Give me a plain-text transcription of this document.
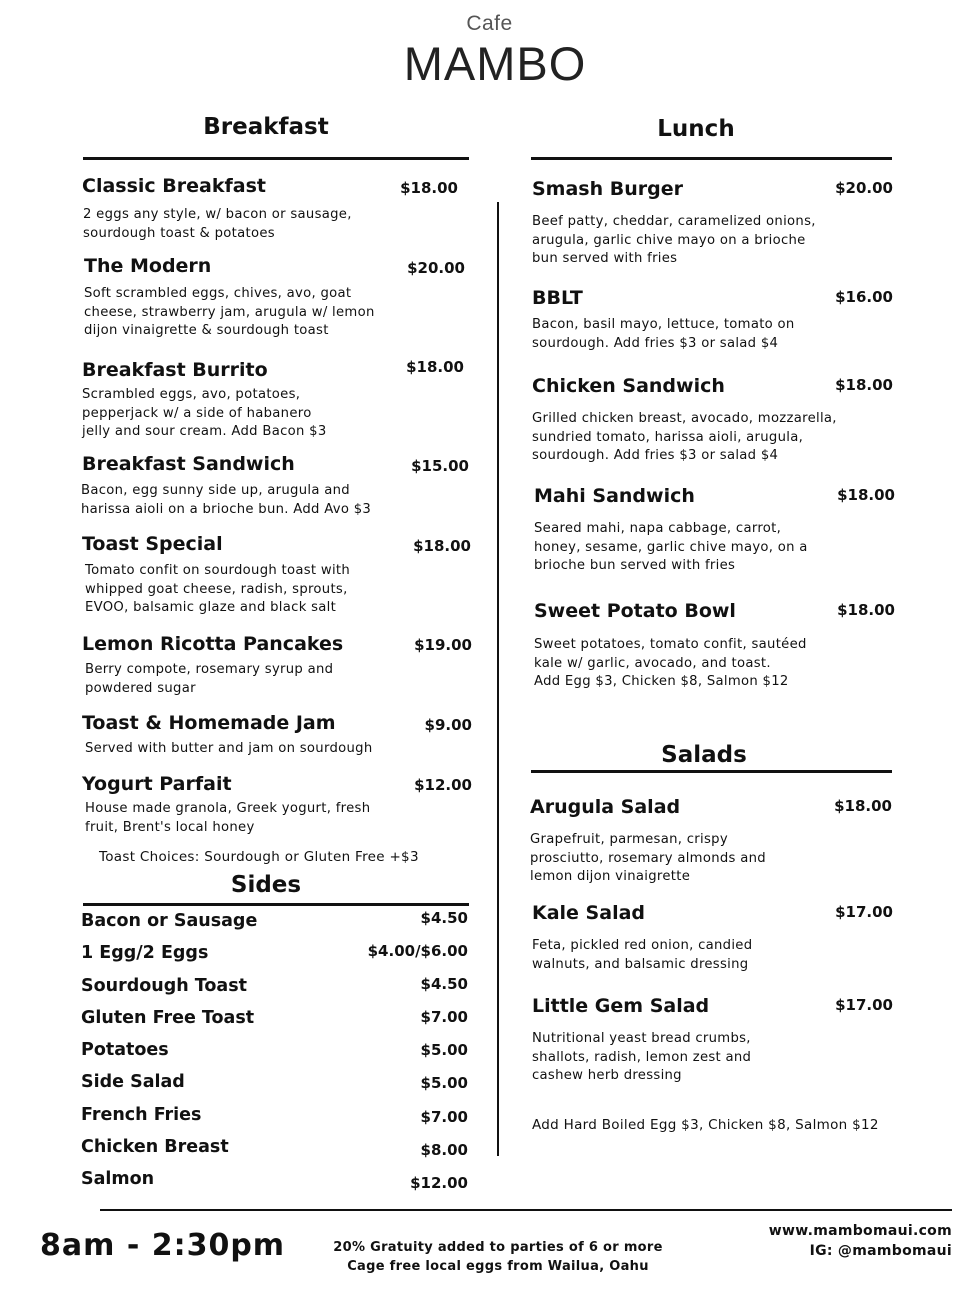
Cafe
MAMBO
Breakfast	Lunch
Classic Breakfast	$18.00
2 eggs any style, w/ bacon or sausage,
sourdough toast & potatoes
The Modern	$20.00
Soft scrambled eggs, chives, avo, goat
cheese, strawberry jam, arugula w/ lemon
dijon vinaigrette & sourdough toast
Breakfast Burrito	$18.00
Scrambled eggs, avo, potatoes,
pepperjack w/ a side of habanero
jelly and sour cream. Add Bacon $3
Breakfast Sandwich	$15.00
Bacon, egg sunny side up, arugula and
harissa aioli on a brioche bun. Add Avo $3
Toast Special	$18.00
Tomato confit on sourdough toast with
whipped goat cheese, radish, sprouts,
EVOO, balsamic glaze and black salt
Lemon Ricotta Pancakes	$19.00
Berry compote, rosemary syrup and
powdered sugar
Toast & Homemade Jam	$9.00
Served with butter and jam on sourdough
Yogurt Parfait	$12.00
House made granola, Greek yogurt, fresh
fruit, Brent's local honey
Toast Choices: Sourdough or Gluten Free +$3
Sides
Bacon or Sausage	$4.50
1 Egg/2 Eggs	$4.00/$6.00
Sourdough Toast	$4.50
Gluten Free Toast	$7.00
Potatoes	$5.00
Side Salad	$5.00
French Fries	$7.00
Chicken Breast	$8.00
Salmon	$12.00
Smash Burger	$20.00
Beef patty, cheddar, caramelized onions,
arugula, garlic chive mayo on a brioche
bun served with fries
BBLT	$16.00
Bacon, basil mayo, lettuce, tomato on
sourdough. Add fries $3 or salad $4
Chicken Sandwich	$18.00
Grilled chicken breast, avocado, mozzarella,
sundried tomato, harissa aioli, arugula,
sourdough. Add fries $3 or salad $4
Mahi Sandwich	$18.00
Seared mahi, napa cabbage, carrot,
honey, sesame, garlic chive mayo, on a
brioche bun served with fries
Sweet Potato Bowl	$18.00
Sweet potatoes, tomato confit, sautéed
kale w/ garlic, avocado, and toast.
Add Egg $3, Chicken $8, Salmon $12
Salads
Arugula Salad	$18.00
Grapefruit, parmesan, crispy
prosciutto, rosemary almonds and
lemon dijon vinaigrette
Kale Salad	$17.00
Feta, pickled red onion, candied
walnuts, and balsamic dressing
Little Gem Salad	$17.00
Nutritional yeast bread crumbs,
shallots, radish, lemon zest and
cashew herb dressing
Add Hard Boiled Egg $3, Chicken $8, Salmon $12
8am - 2:30pm	20% Gratuity added to parties of 6 or more
Cage free local eggs from Wailua, Oahu
www.mambomaui.com
IG: @mambomaui
